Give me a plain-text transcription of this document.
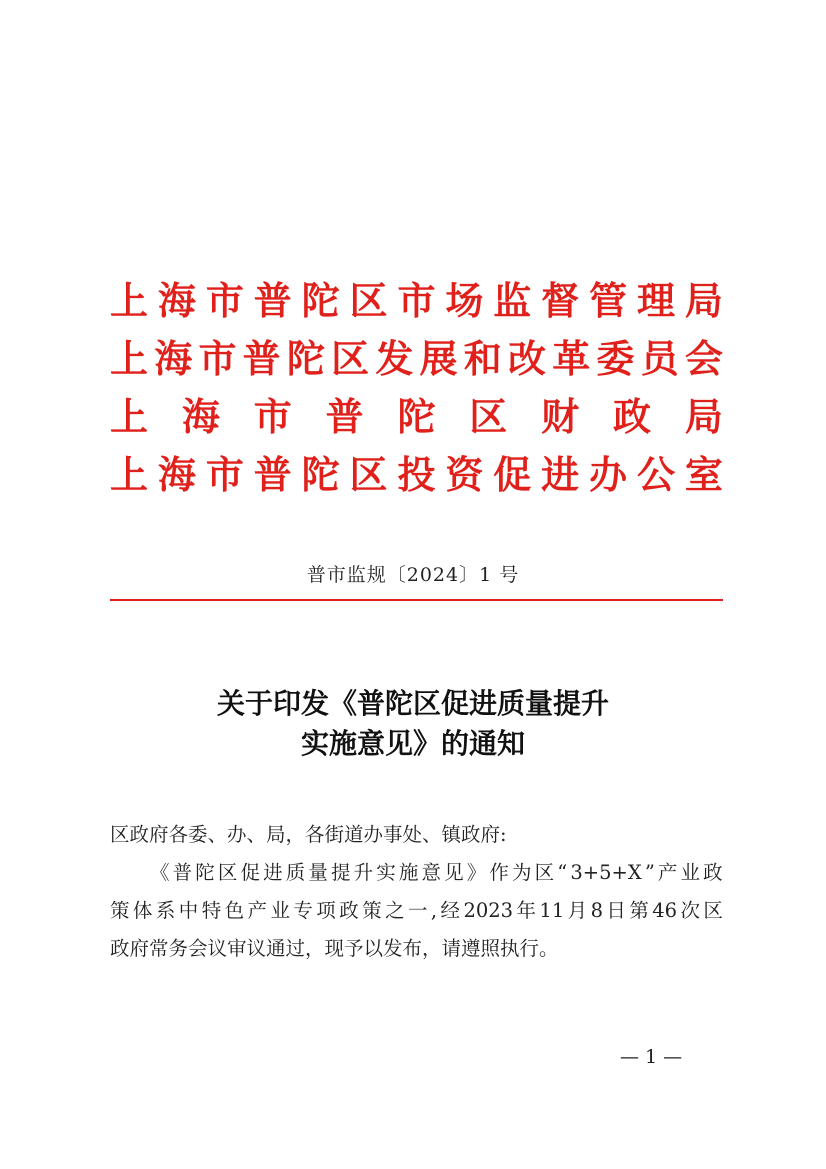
上 海 市 普 陀 区 市 场 监 督 管 理 局
上 海 市 普 陀 区 发 展 和 改 革 委 员 会
上 海 市 普 陀 区 财 政 局
上 海 市 普 陀 区 投 资 促 进 办 公 室
普市监规〔2024〕1 号
关于印发《普陀区促进质量提升
实施意见》的通知
区政府各委、办、局，各街道办事处、镇政府:
《 普 陀 区 促 进 质 量 提 升 实 施 意 见 》 作 为 区 “ 3+5+X ” 产 业 政
策 体 系 中 特 色 产 业 专 项 政 策 之 一 , 经 2023 年 11 月 8 日 第 46 次 区
政府常务会议审议通过，现予以发布，请遵照执行。
— 1 —
